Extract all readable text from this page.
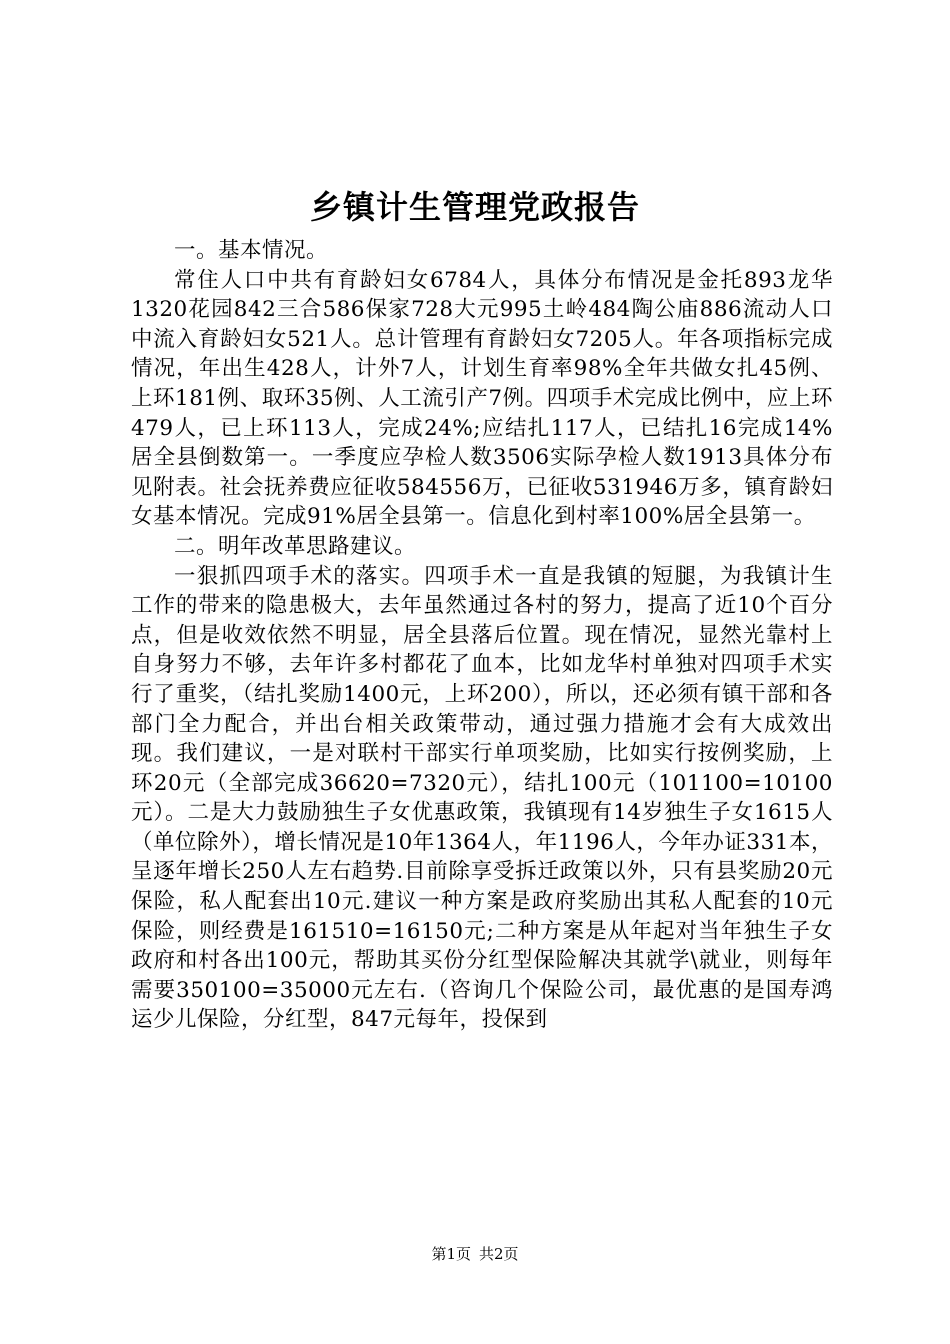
乡镇计生管理党政报告

一。基本情况。

常住人口中共有育龄妇女6784人，具体分布情况是金托893龙华1320花园842三合586保家728大元995土岭484陶公庙886流动人口中流入育龄妇女521人。总计管理有育龄妇女7205人。年各项指标完成情况，年出生428人，计外7人，计划生育率98%全年共做女扎45例、上环181例、取环35例、人工流引产7例。四项手术完成比例中，应上环479人，已上环113人，完成24%;应结扎117人，已结扎16完成14%居全县倒数第一。一季度应孕检人数3506实际孕检人数1913具体分布见附表。社会抚养费应征收584556万，已征收531946万多，镇育龄妇女基本情况。完成91%居全县第一。信息化到村率100%居全县第一。

二。明年改革思路建议。

一狠抓四项手术的落实。四项手术一直是我镇的短腿，为我镇计生工作的带来的隐患极大，去年虽然通过各村的努力，提高了近10个百分点，但是收效依然不明显，居全县落后位置。现在情况，显然光靠村上自身努力不够，去年许多村都花了血本，比如龙华村单独对四项手术实行了重奖，（结扎奖励1400元，上环200），所以，还必须有镇干部和各部门全力配合，并出台相关政策带动，通过强力措施才会有大成效出现。我们建议，一是对联村干部实行单项奖励，比如实行按例奖励，上环20元（全部完成36620=7320元），结扎100元（101100=10100元）。二是大力鼓励独生子女优惠政策，我镇现有14岁独生子女1615人（单位除外），增长情况是10年1364人，年1196人，今年办证331本，呈逐年增长250人左右趋势.目前除享受拆迁政策以外，只有县奖励20元保险，私人配套出10元.建议一种方案是政府奖励出其私人配套的10元保险，则经费是161510=16150元;二种方案是从年起对当年独生子女政府和村各出100元，帮助其买份分红型保险解决其就学\就业，则每年需要350100=35000元左右.（咨询几个保险公司，最优惠的是国寿鸿运少儿保险，分红型，847元每年，投保到

第1页 共2页
